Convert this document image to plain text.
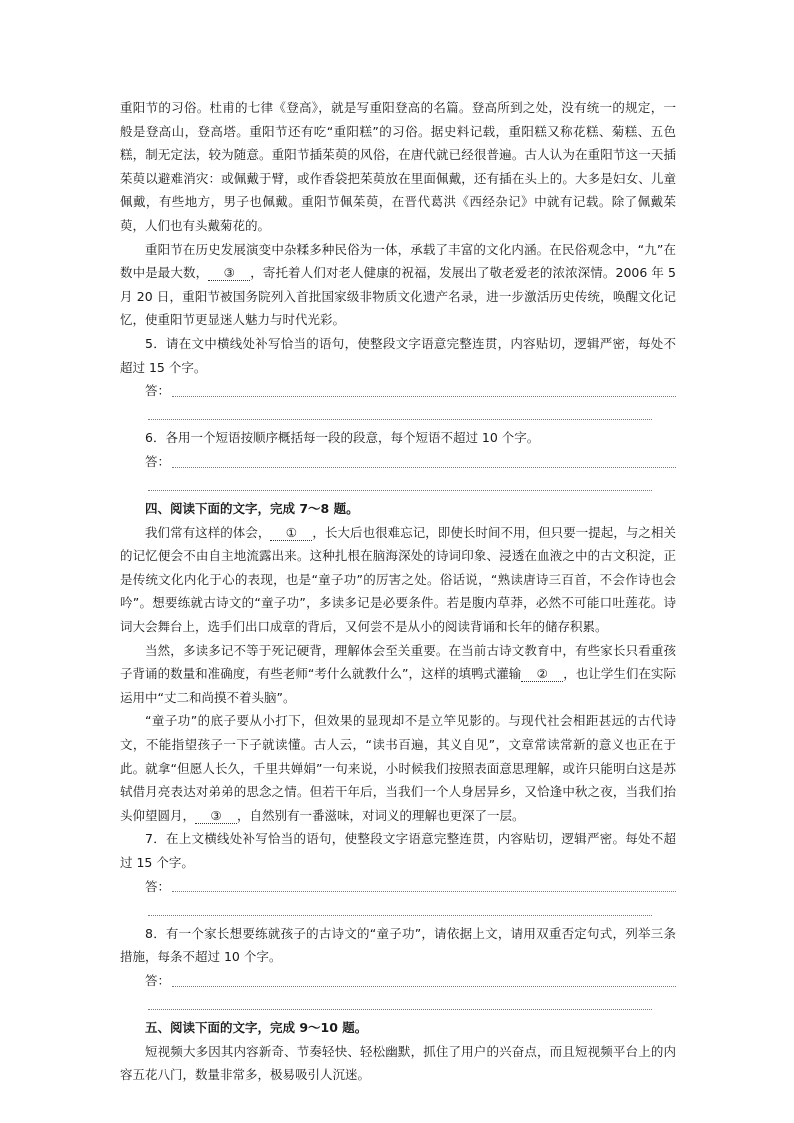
重阳节的习俗。杜甫的七律《登高》，就是写重阳登高的名篇。登高所到之处，没有统一的规定，一般是登高山，登高塔。重阳节还有吃“重阳糕”的习俗。据史料记载，重阳糕又称花糕、菊糕、五色糕，制无定法，较为随意。重阳节插茱萸的风俗，在唐代就已经很普遍。古人认为在重阳节这一天插茱萸以避难消灾：或佩戴于臂，或作香袋把茱萸放在里面佩戴，还有插在头上的。大多是妇女、儿童佩戴，有些地方，男子也佩戴。重阳节佩茱萸，在晋代葛洪《西经杂记》中就有记载。除了佩戴茱萸，人们也有头戴菊花的。

重阳节在历史发展演变中杂糅多种民俗为一体，承载了丰富的文化内涵。在民俗观念中，“九”在数中是最大数， ③ ，寄托着人们对老人健康的祝福，发展出了敬老爱老的浓浓深情。2006 年 5 月 20 日，重阳节被国务院列入首批国家级非物质文化遗产名录，进一步激活历史传统，唤醒文化记忆，使重阳节更显迷人魅力与时代光彩。

5．请在文中横线处补写恰当的语句，使整段文字语意完整连贯，内容贴切，逻辑严密，每处不超过 15 个字。

答：

6．各用一个短语按顺序概括每一段的段意，每个短语不超过 10 个字。

答：

四、阅读下面的文字，完成 7～8 题。

我们常有这样的体会， ① ，长大后也很难忘记，即使长时间不用，但只要一提起，与之相关的记忆便会不由自主地流露出来。这种扎根在脑海深处的诗词印象、浸透在血液之中的古文积淀，正是传统文化内化于心的表现，也是“童子功”的厉害之处。俗话说，“熟读唐诗三百首，不会作诗也会吟”。想要练就古诗文的“童子功”，多读多记是必要条件。若是腹内草莽，必然不可能口吐莲花。诗词大会舞台上，选手们出口成章的背后，又何尝不是从小的阅读背诵和长年的储存积累。

当然，多读多记不等于死记硬背，理解体会至关重要。在当前古诗文教育中，有些家长只看重孩子背诵的数量和准确度，有些老师“考什么就教什么”，这样的填鸭式灌输 ② ，也让学生们在实际运用中“丈二和尚摸不着头脑”。

“童子功”的底子要从小打下，但效果的显现却不是立竿见影的。与现代社会相距甚远的古代诗文，不能指望孩子一下子就读懂。古人云，“读书百遍，其义自见”，文章常读常新的意义也正在于此。就拿“但愿人长久，千里共婵娟”一句来说，小时候我们按照表面意思理解，或许只能明白这是苏轼借月亮表达对弟弟的思念之情。但若干年后，当我们一个人身居异乡，又恰逢中秋之夜，当我们抬头仰望圆月， ③ ，自然别有一番滋味，对词义的理解也更深了一层。

7．在上文横线处补写恰当的语句，使整段文字语意完整连贯，内容贴切，逻辑严密。每处不超过 15 个字。

答：

8．有一个家长想要练就孩子的古诗文的“童子功”，请依据上文，请用双重否定句式，列举三条措施，每条不超过 10 个字。

答：

五、阅读下面的文字，完成 9～10 题。

短视频大多因其内容新奇、节奏轻快、轻松幽默，抓住了用户的兴奋点，而且短视频平台上的内容五花八门，数量非常多，极易吸引人沉迷。
